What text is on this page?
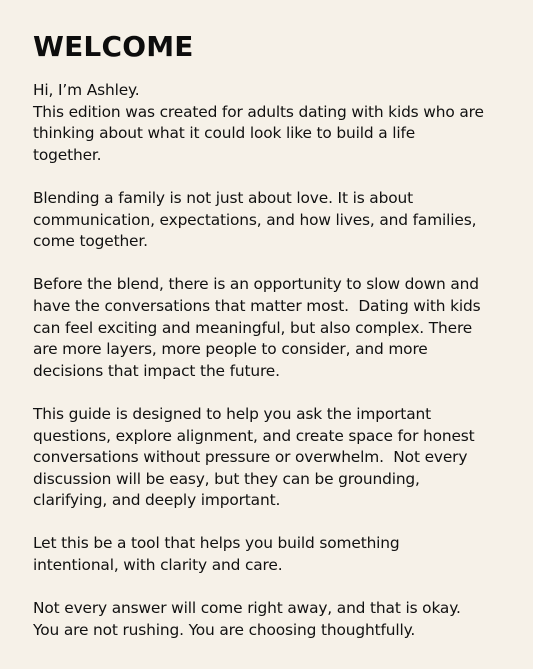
WELCOME

Hi, I’m Ashley.
This edition was created for adults dating with kids who are
thinking about what it could look like to build a life
together.

Blending a family is not just about love. It is about
communication, expectations, and how lives, and families,
come together.

Before the blend, there is an opportunity to slow down and
have the conversations that matter most.  Dating with kids
can feel exciting and meaningful, but also complex. There
are more layers, more people to consider, and more
decisions that impact the future.

This guide is designed to help you ask the important
questions, explore alignment, and create space for honest
conversations without pressure or overwhelm.  Not every
discussion will be easy, but they can be grounding,
clarifying, and deeply important.

Let this be a tool that helps you build something
intentional, with clarity and care.

Not every answer will come right away, and that is okay.
You are not rushing. You are choosing thoughtfully.
